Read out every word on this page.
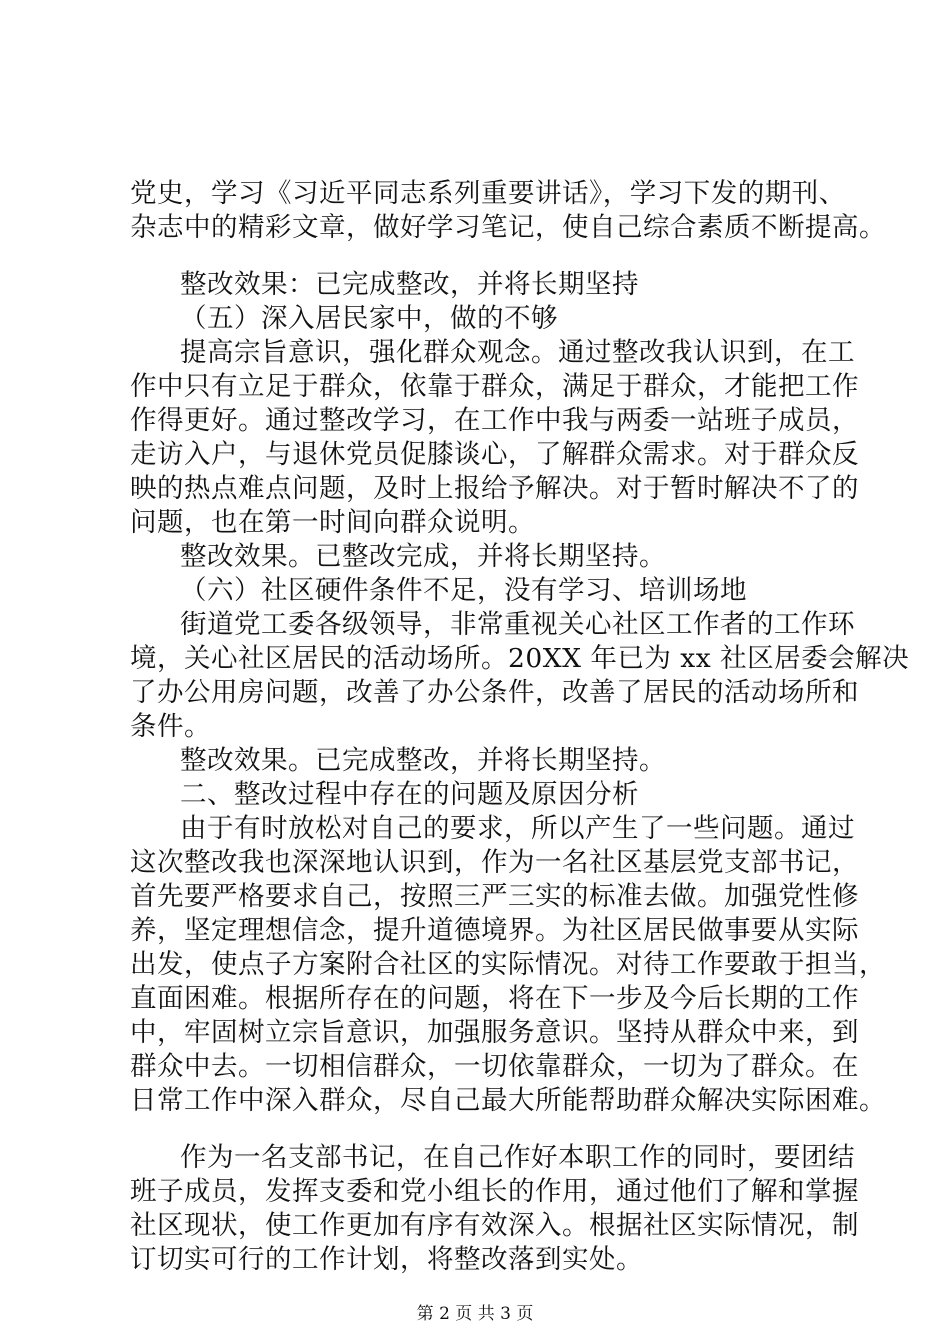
党史，学习《习近平同志系列重要讲话》，学习下发的期刊、
杂志中的精彩文章，做好学习笔记，使自己综合素质不断提高。
整改效果：已完成整改，并将长期坚持
（五）深入居民家中，做的不够
提高宗旨意识，强化群众观念。通过整改我认识到，在工
作中只有立足于群众，依靠于群众，满足于群众，才能把工作
作得更好。通过整改学习，在工作中我与两委一站班子成员，
走访入户，与退休党员促膝谈心，了解群众需求。对于群众反
映的热点难点问题，及时上报给予解决。对于暂时解决不了的
问题，也在第一时间向群众说明。
整改效果。已整改完成，并将长期坚持。
（六）社区硬件条件不足，没有学习、培训场地
街道党工委各级领导，非常重视关心社区工作者的工作环
境，关心社区居民的活动场所。20XX 年已为 xx 社区居委会解决
了办公用房问题，改善了办公条件，改善了居民的活动场所和
条件。
整改效果。已完成整改，并将长期坚持。
二、整改过程中存在的问题及原因分析
由于有时放松对自己的要求，所以产生了一些问题。通过
这次整改我也深深地认识到，作为一名社区基层党支部书记，
首先要严格要求自己，按照三严三实的标准去做。加强党性修
养，坚定理想信念，提升道德境界。为社区居民做事要从实际
出发，使点子方案附合社区的实际情况。对待工作要敢于担当，
直面困难。根据所存在的问题，将在下一步及今后长期的工作
中，牢固树立宗旨意识，加强服务意识。坚持从群众中来，到
群众中去。一切相信群众，一切依靠群众，一切为了群众。在
日常工作中深入群众，尽自己最大所能帮助群众解决实际困难。
作为一名支部书记，在自己作好本职工作的同时，要团结
班子成员，发挥支委和党小组长的作用，通过他们了解和掌握
社区现状，使工作更加有序有效深入。根据社区实际情况，制
订切实可行的工作计划，将整改落到实处。
第 2 页 共 3 页
